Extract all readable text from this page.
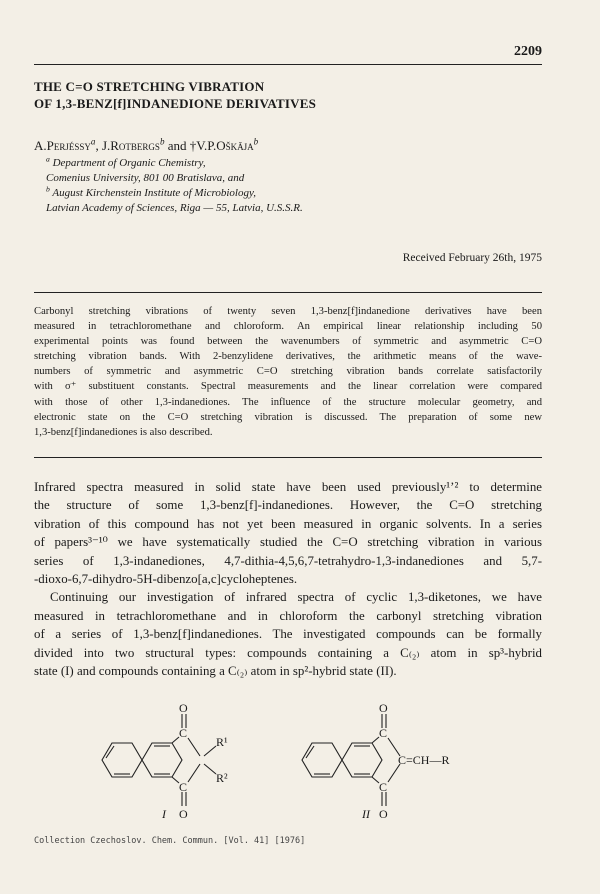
2209
THE C=O STRETCHING VIBRATION
OF 1,3-BENZ[f]INDANEDIONE DERIVATIVES
A.Perjéssy$^a$, J.Rotbergs$^b$ and †V.P.Oškāja$^b$
$^a$ Department of Organic Chemistry,
Comenius University, 801 00 Bratislava, and
$^b$ August Kirchenstein Institute of Microbiology,
Latvian Academy of Sciences, Riga — 55, Latvia, U.S.S.R.
Received February 26th, 1975
Carbonyl stretching vibrations of twenty seven 1,3-benz[f]indanedione derivatives have been
measured in tetrachloromethane and chloroform. An empirical linear relationship including 50
experimental points was found between the wavenumbers of symmetric and asymmetric C=O
stretching vibration bands. With 2-benzylidene derivatives, the arithmetic means of the wave-
numbers of symmetric and asymmetric C=O stretching vibration bands correlate satisfactorily
with σ⁺ substituent constants. Spectral measurements and the linear correlation were compared
with those of other 1,3-indanediones. The influence of the structure molecular geometry, and
electronic state on the C=O stretching vibration is discussed. The preparation of some new
1,3-benz[f]indanediones is also described.
Infrared spectra measured in solid state have been used previously¹ʼ² to determine
the structure of some 1,3-benz[f]-indanediones. However, the C=O stretching
vibration of this compound has not yet been measured in organic solvents. In a series
of papers³⁻¹⁰ we have systematically studied the C=O stretching vibration in various
series of 1,3-indanediones, 4,7-dithia-4,5,6,7-tetrahydro-1,3-indanediones and 5,7-
-dioxo-6,7-dihydro-5H-dibenzo[a,c]cycloheptenes.
Continuing our investigation of infrared spectra of cyclic 1,3-diketones, we have
measured in tetrachloromethane and in chloroform the carbonyl stretching vibration
of a series of 1,3-benz[f]indanediones. The investigated compounds can be formally
divided into two structural types: compounds containing a C₍₂₎ atom in sp³-hybrid
state (I) and compounds containing a C₍₂₎ atom in sp²-hybrid state (II).
O
C
C
O
R¹
R²
I
O
C
C
O
C=CH—R
II
Collection Czechoslov. Chem. Commun. [Vol. 41] [1976]
